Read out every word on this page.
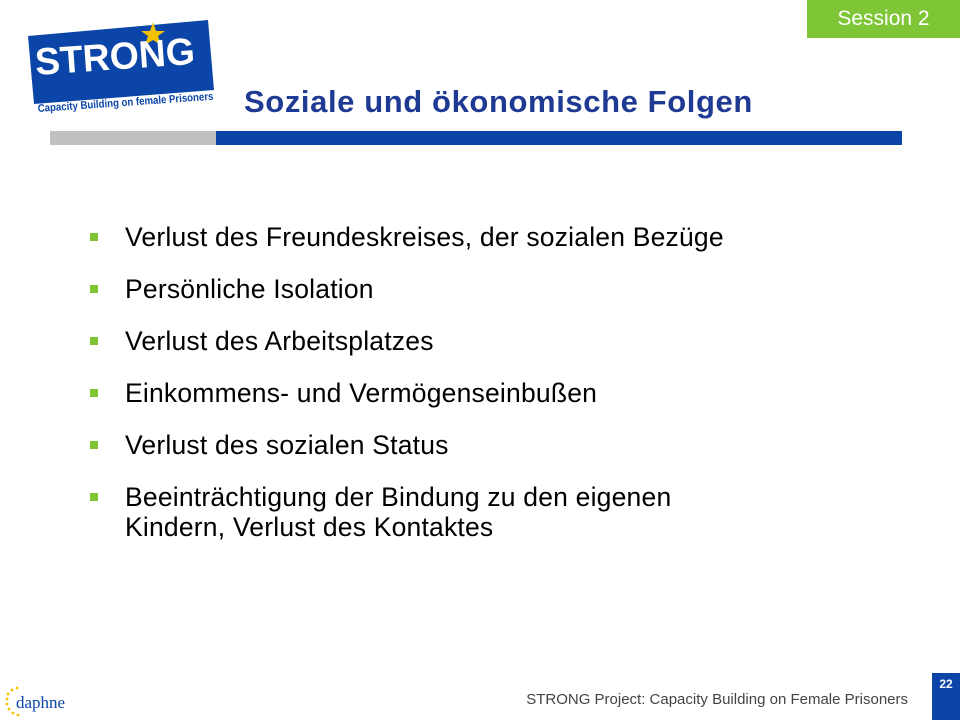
Session 2
STRONG
Capacity Building on female Prisoners Soziale und ökonomische Folgen
Verlust des Freundeskreises, der sozialen Bezüge
Persönliche Isolation
Verlust des Arbeitsplatzes
Einkommens- und Vermögenseinbußen
Verlust des sozialen Status
Beeinträchtigung der Bindung zu den eigenen
Kindern, Verlust des Kontaktes
daphne	STRONG Project: Capacity Building on Female Prisoners
22
